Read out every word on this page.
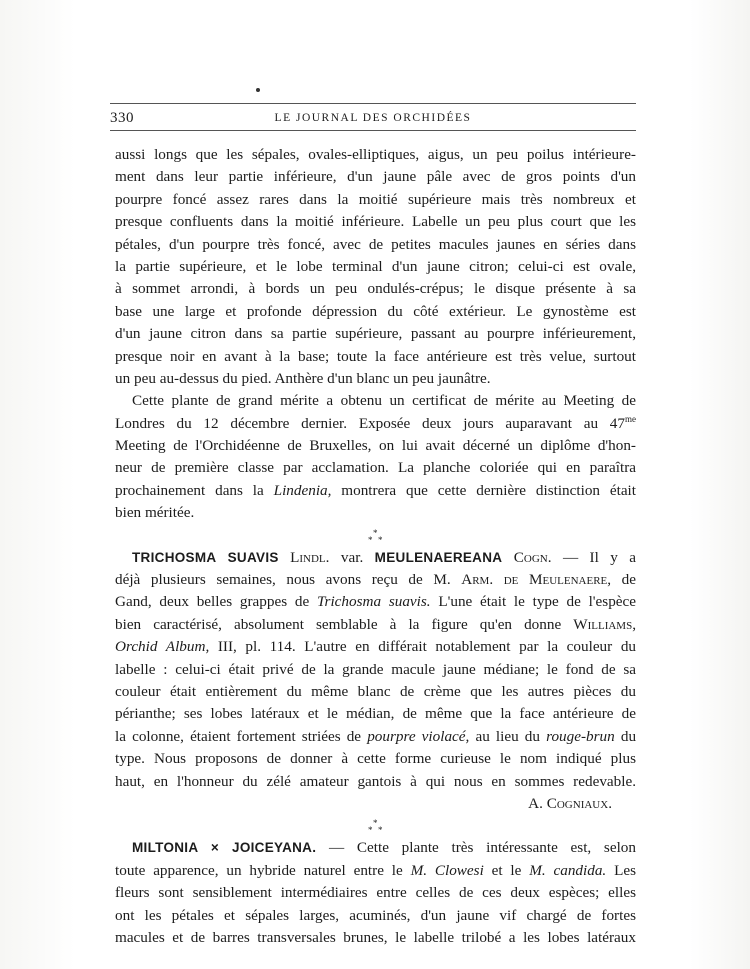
330	LE JOURNAL DES ORCHIDÉES
aussi longs que les sépales, ovales-elliptiques, aigus, un peu poilus intérieure-
ment dans leur partie inférieure, d'un jaune pâle avec de gros points d'un
pourpre foncé assez rares dans la moitié supérieure mais très nombreux et
presque confluents dans la moitié inférieure. Labelle un peu plus court que les
pétales, d'un pourpre très foncé, avec de petites macules jaunes en séries dans
la partie supérieure, et le lobe terminal d'un jaune citron; celui-ci est ovale,
à sommet arrondi, à bords un peu ondulés-crépus; le disque présente à sa
base une large et profonde dépression du côté extérieur. Le gynostème est
d'un jaune citron dans sa partie supérieure, passant au pourpre inférieurement,
presque noir en avant à la base; toute la face antérieure est très velue, surtout
un peu au-dessus du pied. Anthère d'un blanc un peu jaunâtre.
Cette plante de grand mérite a obtenu un certificat de mérite au Meeting de
Londres du 12 décembre dernier. Exposée deux jours auparavant au $47^{me}$
Meeting de l'Orchidéenne de Bruxelles, on lui avait décerné un diplôme d'hon-
neur de première classe par acclamation. La planche coloriée qui en paraîtra
prochainement dans la Lindenia, montrera que cette dernière distinction était
bien méritée.
*
* *
TRICHOSMA SUAVIS Lindl. var. MEULENAEREANA Cogn. — Il y a
déjà plusieurs semaines, nous avons reçu de M. Arm. de Meulenaere, de
Gand, deux belles grappes de Trichosma suavis. L'une était le type de l'espèce
bien caractérisé, absolument semblable à la figure qu'en donne Williams,
Orchid Album, III, pl. 114. L'autre en différait notablement par la couleur du
labelle : celui-ci était privé de la grande macule jaune médiane; le fond de sa
couleur était entièrement du même blanc de crème que les autres pièces du
périanthe; ses lobes latéraux et le médian, de même que la face antérieure de
la colonne, étaient fortement striées de pourpre violacé, au lieu du rouge-brun du
type. Nous proposons de donner à cette forme curieuse le nom indiqué plus
haut, en l'honneur du zélé amateur gantois à qui nous en sommes redevable.
A. Cogniaux.
*
* *
MILTONIA × JOICEYANA. — Cette plante très intéressante est, selon
toute apparence, un hybride naturel entre le M. Clowesi et le M. candida. Les
fleurs sont sensiblement intermédiaires entre celles de ces deux espèces; elles
ont les pétales et sépales larges, acuminés, d'un jaune vif chargé de fortes
macules et de barres transversales brunes, le labelle trilobé a les lobes latéraux
